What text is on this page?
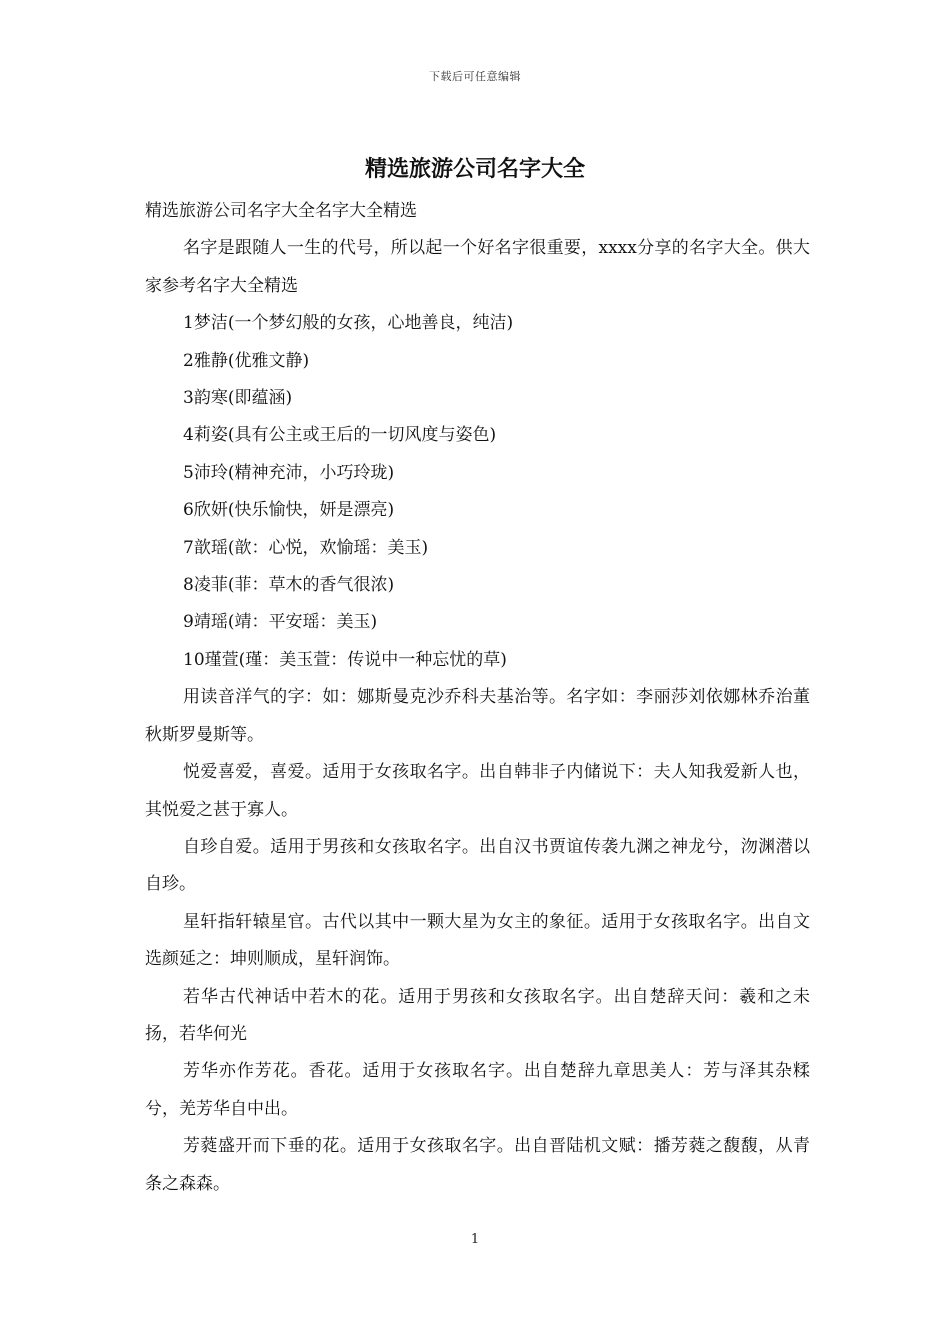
下载后可任意编辑
精选旅游公司名字大全

精选旅游公司名字大全名字大全精选

名字是跟随人一生的代号，所以起一个好名字很重要，xxxx分享的名字大全。供大家参考名字大全精选

1梦洁(一个梦幻般的女孩，心地善良，纯洁)

2雅静(优雅文静)

3韵寒(即蕴涵)

4莉姿(具有公主或王后的一切风度与姿色)

5沛玲(精神充沛，小巧玲珑)

6欣妍(快乐愉快，妍是漂亮)

7歆瑶(歆：心悦，欢愉瑶：美玉)

8凌菲(菲：草木的香气很浓)

9靖瑶(靖：平安瑶：美玉)

10瑾萱(瑾：美玉萱：传说中一种忘忧的草)

用读音洋气的字：如：娜斯曼克沙乔科夫基治等。名字如：李丽莎刘依娜林乔治董秋斯罗曼斯等。

悦爱喜爱，喜爱。适用于女孩取名字。出自韩非子内储说下：夫人知我爱新人也，其悦爱之甚于寡人。

自珍自爱。适用于男孩和女孩取名字。出自汉书贾谊传袭九渊之神龙兮，沕渊潜以自珍。

星轩指轩辕星官。古代以其中一颗大星为女主的象征。适用于女孩取名字。出自文选颜延之：坤则顺成，星轩润饰。

若华古代神话中若木的花。适用于男孩和女孩取名字。出自楚辞天问：羲和之未扬，若华何光

芳华亦作芳花。香花。适用于女孩取名字。出自楚辞九章思美人：芳与泽其杂糅兮，羌芳华自中出。

芳蕤盛开而下垂的花。适用于女孩取名字。出自晋陆机文赋：播芳蕤之馥馥，从青条之森森。

1
